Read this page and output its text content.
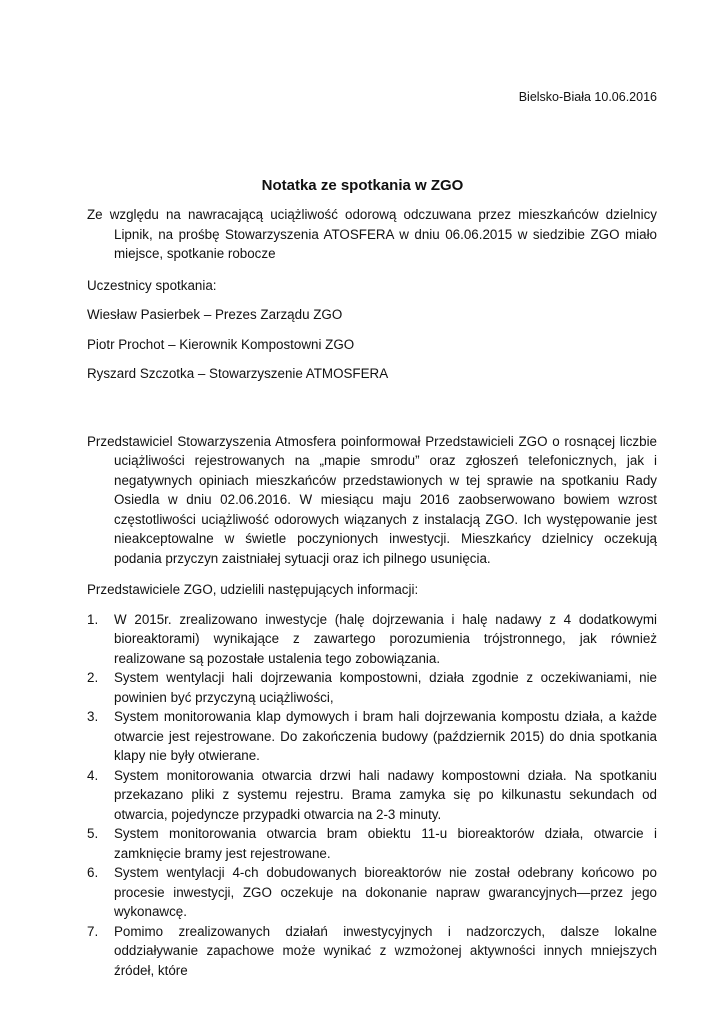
Bielsko-Biała 10.06.2016
Notatka ze spotkania w ZGO

Ze względu na nawracającą uciążliwość odorową odczuwana przez mieszkańców dzielnicy Lipnik, na prośbę Stowarzyszenia ATOSFERA w dniu 06.06.2015 w siedzibie ZGO miało miejsce, spotkanie robocze

Uczestnicy spotkania:

Wiesław Pasierbek – Prezes Zarządu ZGO

Piotr Prochot – Kierownik Kompostowni ZGO

Ryszard Szczotka – Stowarzyszenie ATMOSFERA

Przedstawiciel Stowarzyszenia Atmosfera poinformował Przedstawicieli ZGO o rosnącej liczbie uciążliwości rejestrowanych na „mapie smrodu” oraz zgłoszeń telefonicznych, jak i negatywnych opiniach mieszkańców przedstawionych w tej sprawie na spotkaniu Rady Osiedla w dniu 02.06.2016. W miesiącu maju 2016 zaobserwowano bowiem wzrost częstotliwości uciążliwość odorowych wiązanych z instalacją ZGO. Ich występowanie jest nieakceptowalne w świetle poczynionych inwestycji. Mieszkańcy dzielnicy oczekują podania przyczyn zaistniałej sytuacji oraz ich pilnego usunięcia.

Przedstawiciele ZGO, udzielili następujących informacji:

1. W 2015r. zrealizowano inwestycje (halę dojrzewania i halę nadawy z 4 dodatkowymi bioreaktorami) wynikające z zawartego porozumienia trójstronnego, jak również realizowane są pozostałe ustalenia tego zobowiązania.
2. System wentylacji hali dojrzewania kompostowni, działa zgodnie z oczekiwaniami, nie powinien być przyczyną uciążliwości,
3. System monitorowania klap dymowych i bram hali dojrzewania kompostu działa, a każde otwarcie jest rejestrowane. Do zakończenia budowy (październik 2015) do dnia spotkania klapy nie były otwierane.
4. System monitorowania otwarcia drzwi hali nadawy kompostowni działa. Na spotkaniu przekazano pliki z systemu rejestru. Brama zamyka się po kilkunastu sekundach od otwarcia, pojedyncze przypadki otwarcia na 2-3 minuty.
5. System monitorowania otwarcia bram obiektu 11-u bioreaktorów działa, otwarcie i zamknięcie bramy jest rejestrowane.
6. System wentylacji 4-ch dobudowanych bioreaktorów nie został odebrany końcowo po procesie inwestycji, ZGO oczekuje na dokonanie napraw gwarancyjnych—przez jego wykonawcę.
7. Pomimo zrealizowanych działań inwestycyjnych i nadzorczych, dalsze lokalne oddziaływanie zapachowe może wynikać z wzmożonej aktywności innych mniejszych źródeł, które
